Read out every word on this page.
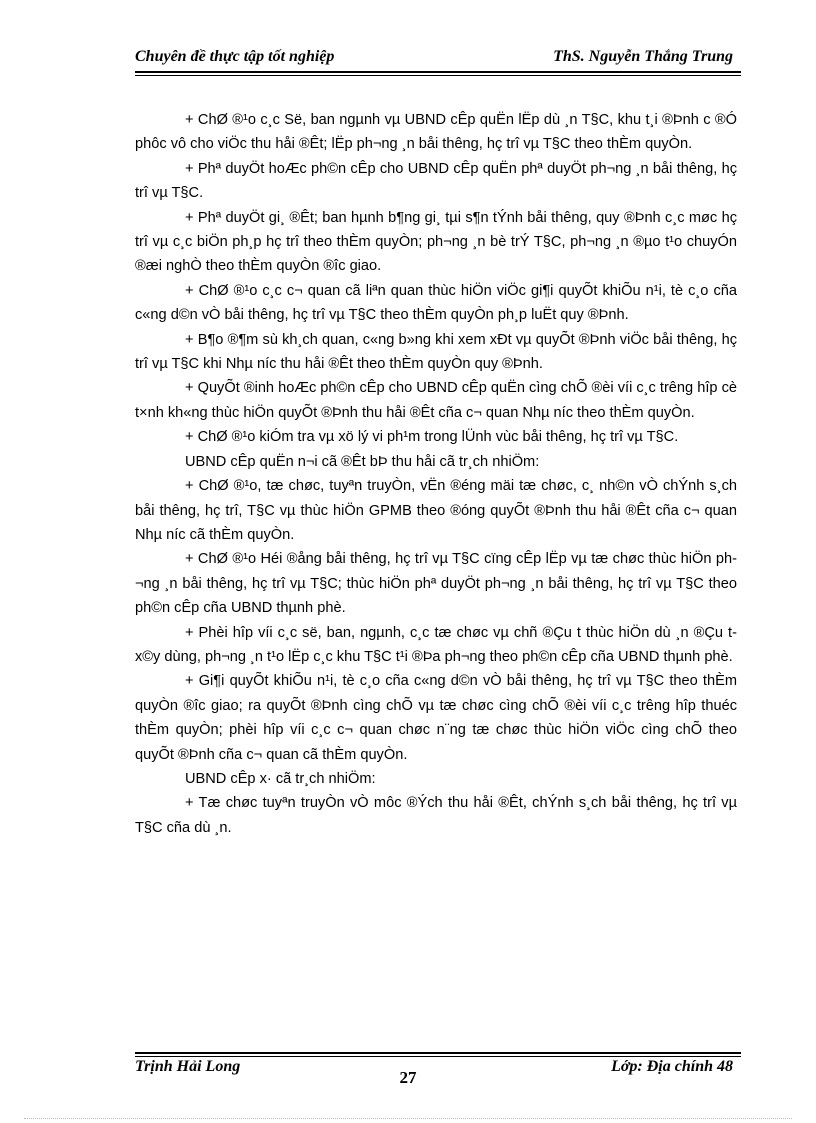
Chuyên đề thực tập tốt nghiệp	ThS. Nguyễn Thắng Trung

+ ChØ ®¹o c¸c Së, ban ngµnh vµ UBND cÊp quËn lËp dù ¸n T§C, khu t¸i ®Þnh c ®Ó phôc vô cho viÖc thu håi ®Êt; lËp ph¬ng ¸n båi thêng, hç trî vµ T§C theo thÈm quyÒn.

+ Phª duyÖt hoÆc ph©n cÊp cho UBND cÊp quËn phª duyÖt ph¬ng ¸n båi thêng, hç trî vµ T§C.

+ Phª duyÖt gi¸ ®Êt; ban hµnh b¶ng gi¸ tµi s¶n tÝnh båi thêng, quy ®Þnh c¸c møc hç trî vµ c¸c biÖn ph¸p hç trî theo thÈm quyÒn; ph¬ng ¸n bè trÝ T§C, ph¬ng ¸n ®µo t¹o chuyÓn ®æi nghÒ theo thÈm quyÒn ®îc giao.

+ ChØ ®¹o c¸c c¬ quan cã liªn quan thùc hiÖn viÖc gi¶i quyÕt khiÕu n¹i, tè c¸o cña c«ng d©n vÒ båi thêng, hç trî vµ T§C theo thÈm quyÒn ph¸p luËt quy ®Þnh.

+ B¶o ®¶m sù kh¸ch quan, c«ng b»ng khi xem xÐt vµ quyÕt ®Þnh viÖc båi thêng, hç trî vµ T§C khi Nhµ níc thu håi ®Êt theo thÈm quyÒn quy ®Þnh.

+ QuyÕt ®inh hoÆc ph©n cÊp cho UBND cÊp quËn cìng chÕ ®èi víi c¸c trêng hîp cè t×nh kh«ng thùc hiÖn quyÕt ®Þnh thu håi ®Êt cña c¬ quan Nhµ níc theo thÈm quyÒn.

+ ChØ ®¹o kiÓm tra vµ xö lý vi ph¹m trong lÜnh vùc båi thêng, hç trî vµ T§C.

UBND cÊp quËn n¬i cã ®Êt bÞ thu håi cã tr¸ch nhiÖm:

+ ChØ ®¹o, tæ chøc, tuyªn truyÒn, vËn ®éng mäi tæ chøc, c¸ nh©n vÒ chÝnh s¸ch båi thêng, hç trî, T§C vµ thùc hiÖn GPMB theo ®óng quyÕt ®Þnh thu håi ®Êt cña c¬ quan Nhµ níc cã thÈm quyÒn.

+ ChØ ®¹o Héi ®ång båi thêng, hç trî vµ T§C cïng cÊp lËp vµ tæ chøc thùc hiÖn ph¬ng ¸n båi thêng, hç trî vµ T§C; thùc hiÖn phª duyÖt ph¬ng ¸n båi thêng, hç trî vµ T§C theo ph©n cÊp cña UBND thµnh phè.

+ Phèi hîp víi c¸c së, ban, ngµnh, c¸c tæ chøc vµ chñ ®Çu t thùc hiÖn dù ¸n ®Çu t x©y dùng, ph¬ng ¸n t¹o lËp c¸c khu T§C t¹i ®Þa ph¬ng theo ph©n cÊp cña UBND thµnh phè.

+ Gi¶i quyÕt khiÕu n¹i, tè c¸o cña c«ng d©n vÒ båi thêng, hç trî vµ T§C theo thÈm quyÒn ®îc giao; ra quyÕt ®Þnh cìng chÕ vµ tæ chøc cìng chÕ ®èi víi c¸c trêng hîp thuéc thÈm quyÒn; phèi hîp víi c¸c c¬ quan chøc n¨ng tæ chøc thùc hiÖn viÖc cìng chÕ theo quyÕt ®Þnh cña c¬ quan cã thÈm quyÒn.

UBND cÊp x· cã tr¸ch nhiÖm:

+ Tæ chøc tuyªn truyÒn vÒ môc ®Ých thu håi ®Êt, chÝnh s¸ch båi thêng, hç trî vµ T§C cña dù ¸n.

Trịnh Hải Long	Lớp: Địa chính 48
27
